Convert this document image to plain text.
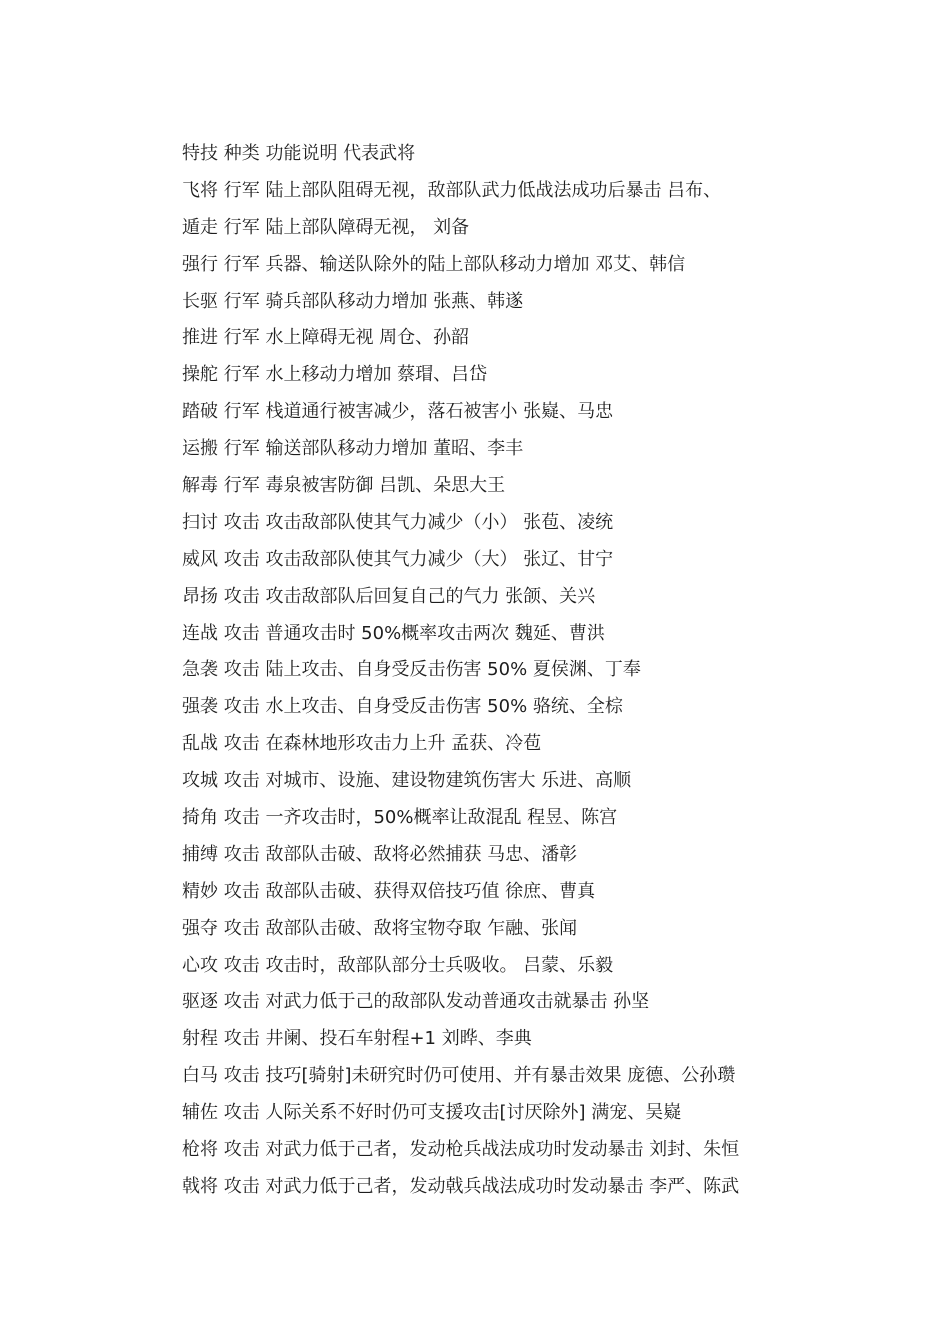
特技 种类 功能说明 代表武将

飞将 行军 陆上部队阻碍无视，敌部队武力低战法成功后暴击 吕布、

遁走 行军 陆上部队障碍无视， 刘备

强行 行军 兵器、输送队除外的陆上部队移动力增加 邓艾、韩信

长驱 行军 骑兵部队移动力增加 张燕、韩遂

推进 行军 水上障碍无视 周仓、孙韶

操舵 行军 水上移动力增加 蔡瑁、吕岱

踏破 行军 栈道通行被害减少，落石被害小 张嶷、马忠

运搬 行军 输送部队移动力增加 董昭、李丰

解毒 行军 毒泉被害防御 吕凯、朵思大王

扫讨 攻击 攻击敌部队使其气力减少（小） 张苞、凌统

威风 攻击 攻击敌部队使其气力减少（大） 张辽、甘宁

昂扬 攻击 攻击敌部队后回复自己的气力 张颌、关兴

连战 攻击 普通攻击时 50%概率攻击两次 魏延、曹洪

急袭 攻击 陆上攻击、自身受反击伤害 50% 夏侯渊、丁奉

强袭 攻击 水上攻击、自身受反击伤害 50% 骆统、全棕

乱战 攻击 在森林地形攻击力上升 孟获、冷苞

攻城 攻击 对城市、设施、建设物建筑伤害大 乐进、高顺

掎角 攻击 一齐攻击时，50%概率让敌混乱 程昱、陈宫

捕缚 攻击 敌部队击破、敌将必然捕获 马忠、潘彰

精妙 攻击 敌部队击破、获得双倍技巧值 徐庶、曹真

强夺 攻击 敌部队击破、敌将宝物夺取 乍融、张闻

心攻 攻击 攻击时，敌部队部分士兵吸收。 吕蒙、乐毅

驱逐 攻击 对武力低于己的敌部队发动普通攻击就暴击 孙坚

射程 攻击 井阑、投石车射程+1 刘晔、李典

白马 攻击 技巧[骑射]未研究时仍可使用、并有暴击效果 庞德、公孙瓒

辅佐 攻击 人际关系不好时仍可支援攻击[讨厌除外] 满宠、吴嶷

枪将 攻击 对武力低于己者，发动枪兵战法成功时发动暴击 刘封、朱恒

戟将 攻击 对武力低于己者，发动戟兵战法成功时发动暴击 李严、陈武
